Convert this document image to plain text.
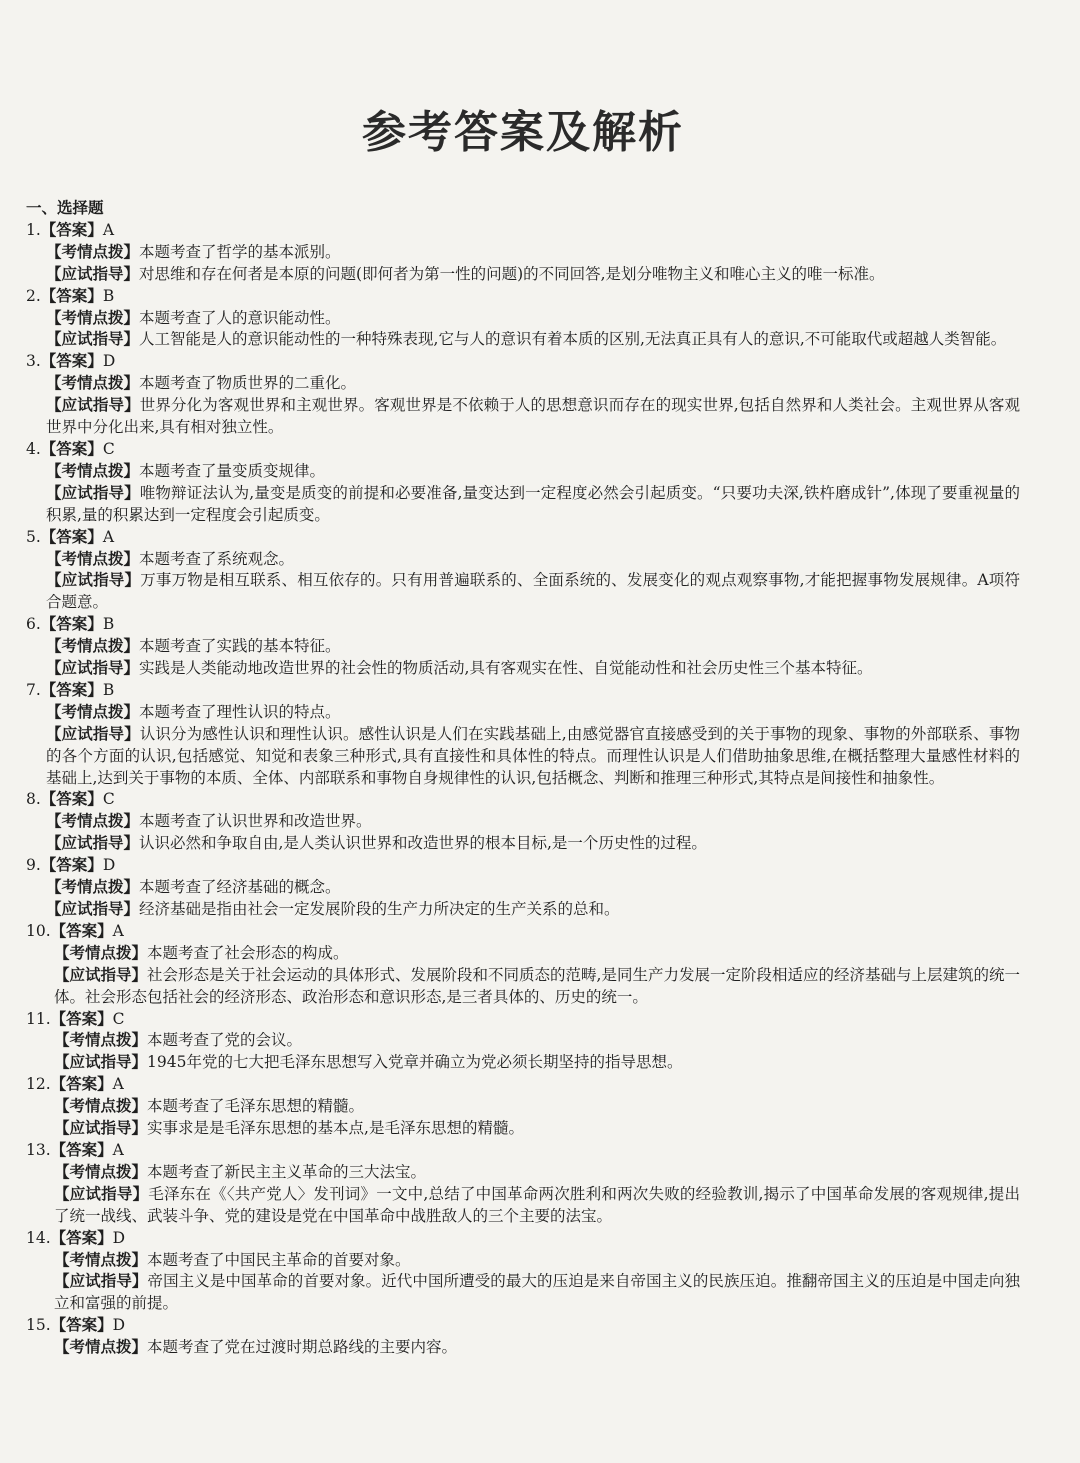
参考答案及解析
一、选择题
1.【答案】A
【考情点拨】本题考查了哲学的基本派别。
【应试指导】对思维和存在何者是本原的问题(即何者为第一性的问题)的不同回答,是划分唯物主义和唯心主义的唯一标准。
2.【答案】B
【考情点拨】本题考查了人的意识能动性。
【应试指导】人工智能是人的意识能动性的一种特殊表现,它与人的意识有着本质的区别,无法真正具有人的意识,不可能取代或超越人类智能。
3.【答案】D
【考情点拨】本题考查了物质世界的二重化。
【应试指导】世界分化为客观世界和主观世界。客观世界是不依赖于人的思想意识而存在的现实世界,包括自然界和人类社会。主观世界从客观世界中分化出来,具有相对独立性。
4.【答案】C
【考情点拨】本题考查了量变质变规律。
【应试指导】唯物辩证法认为,量变是质变的前提和必要准备,量变达到一定程度必然会引起质变。“只要功夫深,铁杵磨成针”,体现了要重视量的积累,量的积累达到一定程度会引起质变。
5.【答案】A
【考情点拨】本题考查了系统观念。
【应试指导】万事万物是相互联系、相互依存的。只有用普遍联系的、全面系统的、发展变化的观点观察事物,才能把握事物发展规律。A项符合题意。
6.【答案】B
【考情点拨】本题考查了实践的基本特征。
【应试指导】实践是人类能动地改造世界的社会性的物质活动,具有客观实在性、自觉能动性和社会历史性三个基本特征。
7.【答案】B
【考情点拨】本题考查了理性认识的特点。
【应试指导】认识分为感性认识和理性认识。感性认识是人们在实践基础上,由感觉器官直接感受到的关于事物的现象、事物的外部联系、事物的各个方面的认识,包括感觉、知觉和表象三种形式,具有直接性和具体性的特点。而理性认识是人们借助抽象思维,在概括整理大量感性材料的基础上,达到关于事物的本质、全体、内部联系和事物自身规律性的认识,包括概念、判断和推理三种形式,其特点是间接性和抽象性。
8.【答案】C
【考情点拨】本题考查了认识世界和改造世界。
【应试指导】认识必然和争取自由,是人类认识世界和改造世界的根本目标,是一个历史性的过程。
9.【答案】D
【考情点拨】本题考查了经济基础的概念。
【应试指导】经济基础是指由社会一定发展阶段的生产力所决定的生产关系的总和。
10.【答案】A
【考情点拨】本题考查了社会形态的构成。
【应试指导】社会形态是关于社会运动的具体形式、发展阶段和不同质态的范畴,是同生产力发展一定阶段相适应的经济基础与上层建筑的统一体。社会形态包括社会的经济形态、政治形态和意识形态,是三者具体的、历史的统一。
11.【答案】C
【考情点拨】本题考查了党的会议。
【应试指导】1945年党的七大把毛泽东思想写入党章并确立为党必须长期坚持的指导思想。
12.【答案】A
【考情点拨】本题考查了毛泽东思想的精髓。
【应试指导】实事求是是毛泽东思想的基本点,是毛泽东思想的精髓。
13.【答案】A
【考情点拨】本题考查了新民主主义革命的三大法宝。
【应试指导】毛泽东在《〈共产党人〉发刊词》一文中,总结了中国革命两次胜利和两次失败的经验教训,揭示了中国革命发展的客观规律,提出了统一战线、武装斗争、党的建设是党在中国革命中战胜敌人的三个主要的法宝。
14.【答案】D
【考情点拨】本题考查了中国民主革命的首要对象。
【应试指导】帝国主义是中国革命的首要对象。近代中国所遭受的最大的压迫是来自帝国主义的民族压迫。推翻帝国主义的压迫是中国走向独立和富强的前提。
15.【答案】D
【考情点拨】本题考查了党在过渡时期总路线的主要内容。
